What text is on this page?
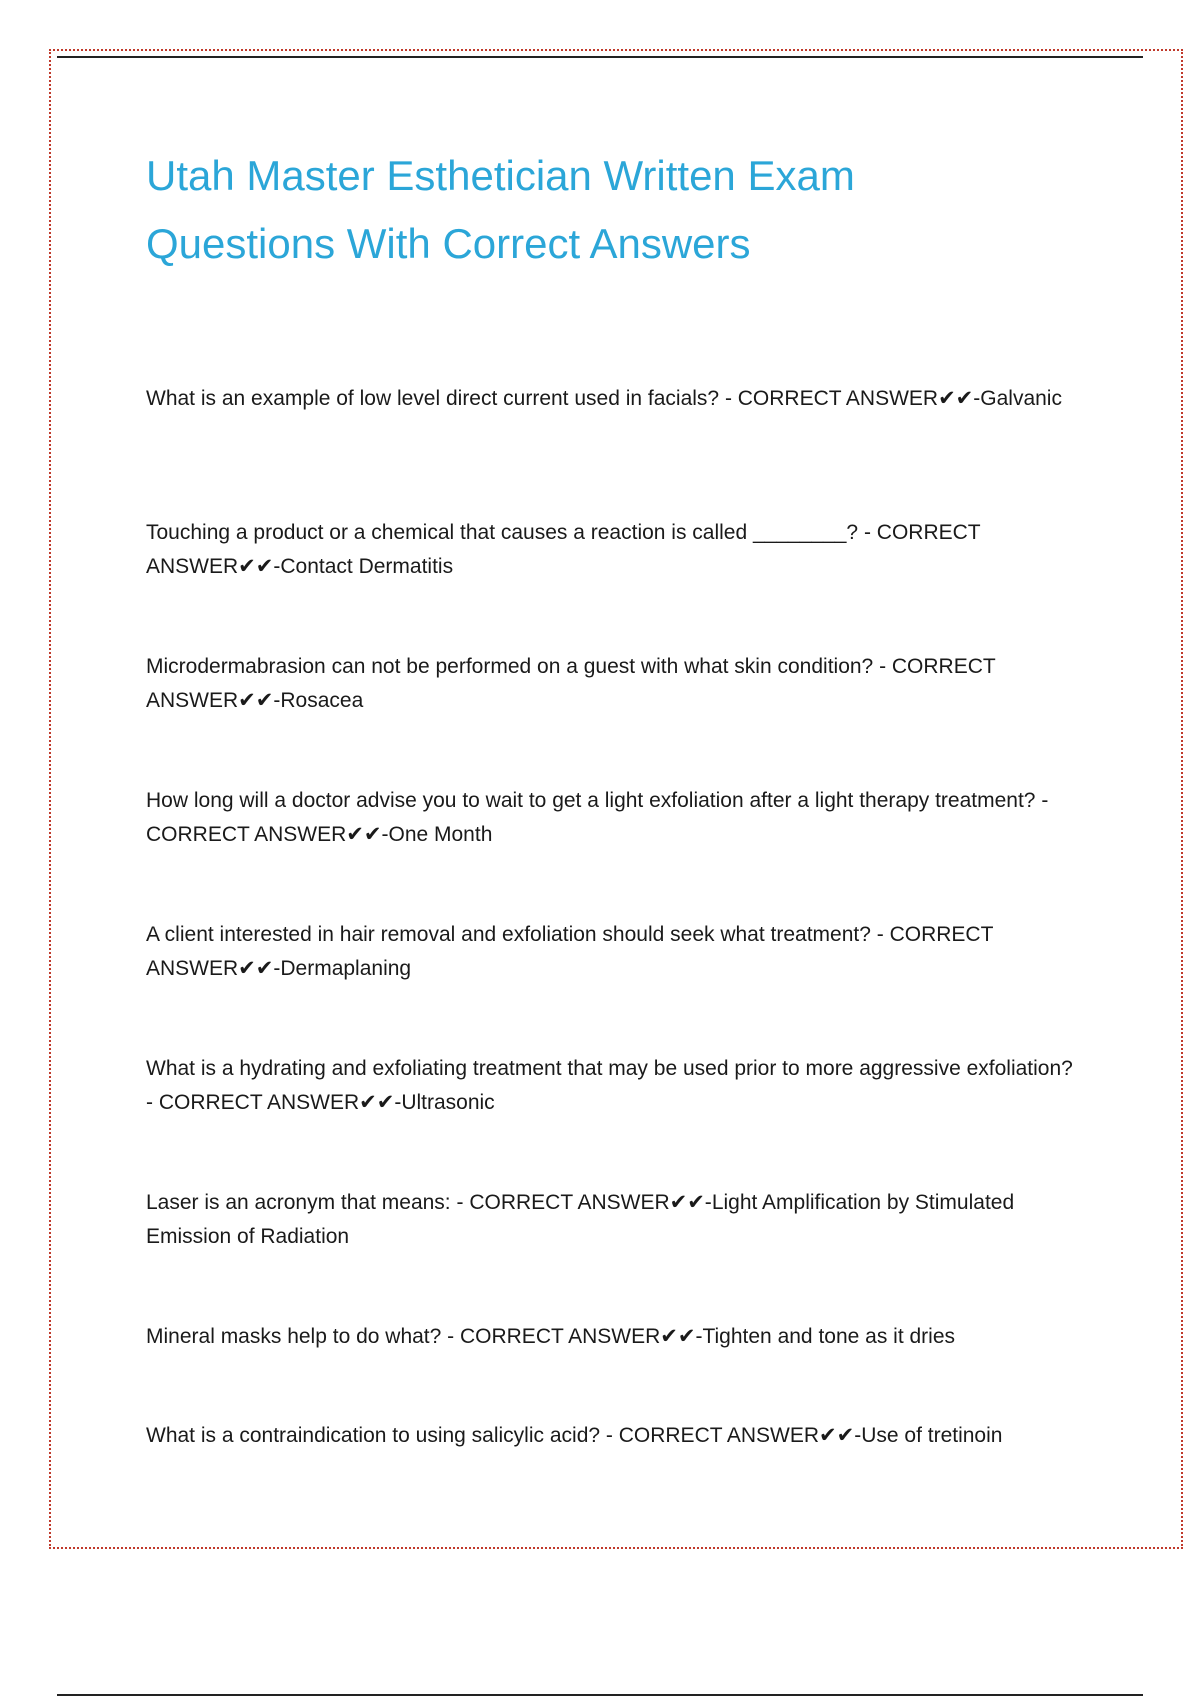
Utah Master Esthetician Written Exam
Questions With Correct Answers
What is an example of low level direct current used in facials? - CORRECT ANSWER✔✔-Galvanic
Touching a product or a chemical that causes a reaction is called ________? - CORRECT ANSWER✔✔-Contact Dermatitis
Microdermabrasion can not be performed on a guest with what skin condition? - CORRECT ANSWER✔✔-Rosacea
How long will a doctor advise you to wait to get a light exfoliation after a light therapy treatment? - CORRECT ANSWER✔✔-One Month
A client interested in hair removal and exfoliation should seek what treatment? - CORRECT ANSWER✔✔-Dermaplaning
What is a hydrating and exfoliating treatment that may be used prior to more aggressive exfoliation? - CORRECT ANSWER✔✔-Ultrasonic
Laser is an acronym that means: - CORRECT ANSWER✔✔-Light Amplification by Stimulated Emission of Radiation
Mineral masks help to do what? - CORRECT ANSWER✔✔-Tighten and tone as it dries
What is a contraindication to using salicylic acid? - CORRECT ANSWER✔✔-Use of tretinoin
